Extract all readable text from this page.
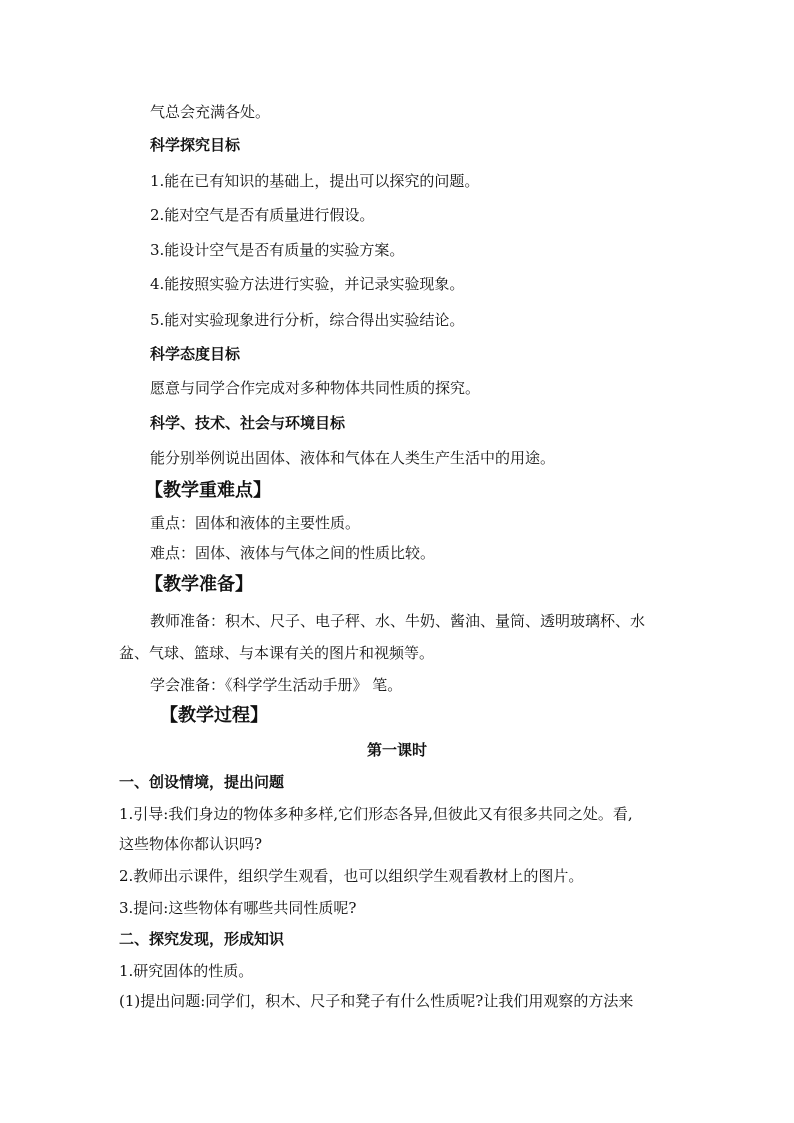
气总会充满各处。
科学探究目标
1.能在已有知识的基础上，提出可以探究的问题。
2.能对空气是否有质量进行假设。
3.能设计空气是否有质量的实验方案。
4.能按照实验方法进行实验，并记录实验现象。
5.能对实验现象进行分析，综合得出实验结论。
科学态度目标
愿意与同学合作完成对多种物体共同性质的探究。
科学、技术、社会与环境目标
能分别举例说出固体、液体和气体在人类生产生活中的用途。
【教学重难点】
重点：固体和液体的主要性质。
难点：固体、液体与气体之间的性质比较。
【教学准备】
教师准备：积木、尺子、电子秤、水、牛奶、酱油、量筒、透明玻璃杯、水
盆、气球、篮球、与本课有关的图片和视频等。
学会准备：《科学学生活动手册》 笔。
【教学过程】
第一课时
一、创设情境，提出问题
1.引导:我们身边的物体多种多样,它们形态各异,但彼此又有很多共同之处。看,
这些物体你都认识吗?
2.教师出示课件，组织学生观看，也可以组织学生观看教材上的图片。
3.提问:这些物体有哪些共同性质呢?
二、探究发现，形成知识
1.研究固体的性质。
(1)提出问题:同学们，积木、尺子和凳子有什么性质呢?让我们用观察的方法来
